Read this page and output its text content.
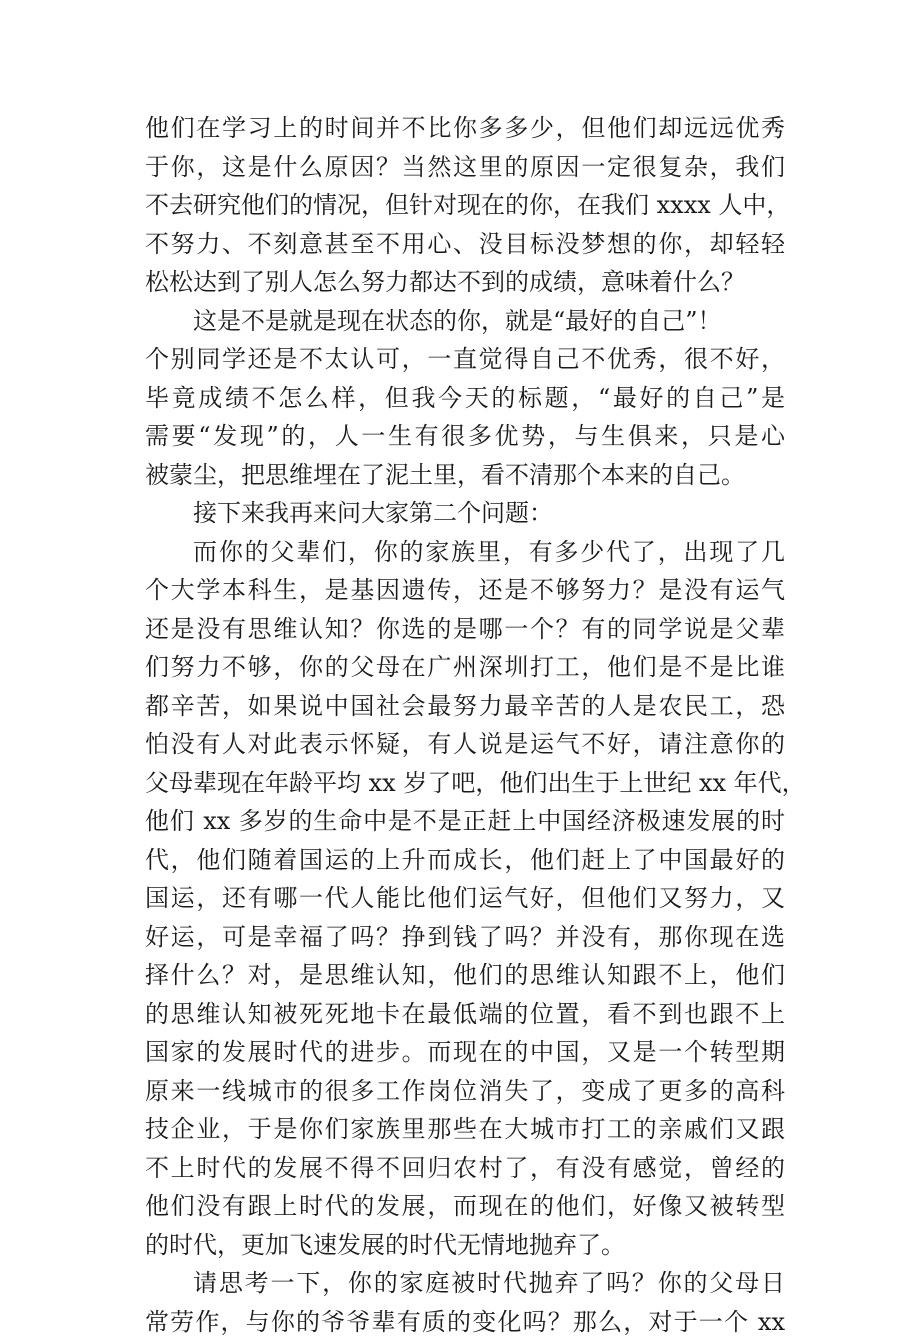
他们在学习上的时间并不比你多多少，但他们却远远优秀
于你，这是什么原因？当然这里的原因一定很复杂，我们
不去研究他们的情况，但针对现在的你，在我们 xxxx 人中，
不努力、不刻意甚至不用心、没目标没梦想的你，却轻轻
松松达到了别人怎么努力都达不到的成绩，意味着什么？
这是不是就是现在状态的你，就是“最好的自己”！
个别同学还是不太认可，一直觉得自己不优秀，很不好，
毕竟成绩不怎么样，但我今天的标题，“最好的自己”是
需要“发现”的，人一生有很多优势，与生俱来，只是心
被蒙尘，把思维埋在了泥土里，看不清那个本来的自己。
接下来我再来问大家第二个问题：
而你的父辈们，你的家族里，有多少代了，出现了几
个大学本科生，是基因遗传，还是不够努力？是没有运气
还是没有思维认知？你选的是哪一个？有的同学说是父辈
们努力不够，你的父母在广州深圳打工，他们是不是比谁
都辛苦，如果说中国社会最努力最辛苦的人是农民工，恐
怕没有人对此表示怀疑，有人说是运气不好，请注意你的
父母辈现在年龄平均 xx 岁了吧，他们出生于上世纪 xx 年代，
他们 xx 多岁的生命中是不是正赶上中国经济极速发展的时
代，他们随着国运的上升而成长，他们赶上了中国最好的
国运，还有哪一代人能比他们运气好，但他们又努力，又
好运，可是幸福了吗？挣到钱了吗？并没有，那你现在选
择什么？对，是思维认知，他们的思维认知跟不上，他们
的思维认知被死死地卡在最低端的位置，看不到也跟不上
国家的发展时代的进步。而现在的中国，又是一个转型期
原来一线城市的很多工作岗位消失了，变成了更多的高科
技企业，于是你们家族里那些在大城市打工的亲戚们又跟
不上时代的发展不得不回归农村了，有没有感觉，曾经的
他们没有跟上时代的发展，而现在的他们，好像又被转型
的时代，更加飞速发展的时代无情地抛弃了。
请思考一下，你的家庭被时代抛弃了吗？你的父母日
常劳作，与你的爷爷辈有质的变化吗？那么，对于一个 xx
